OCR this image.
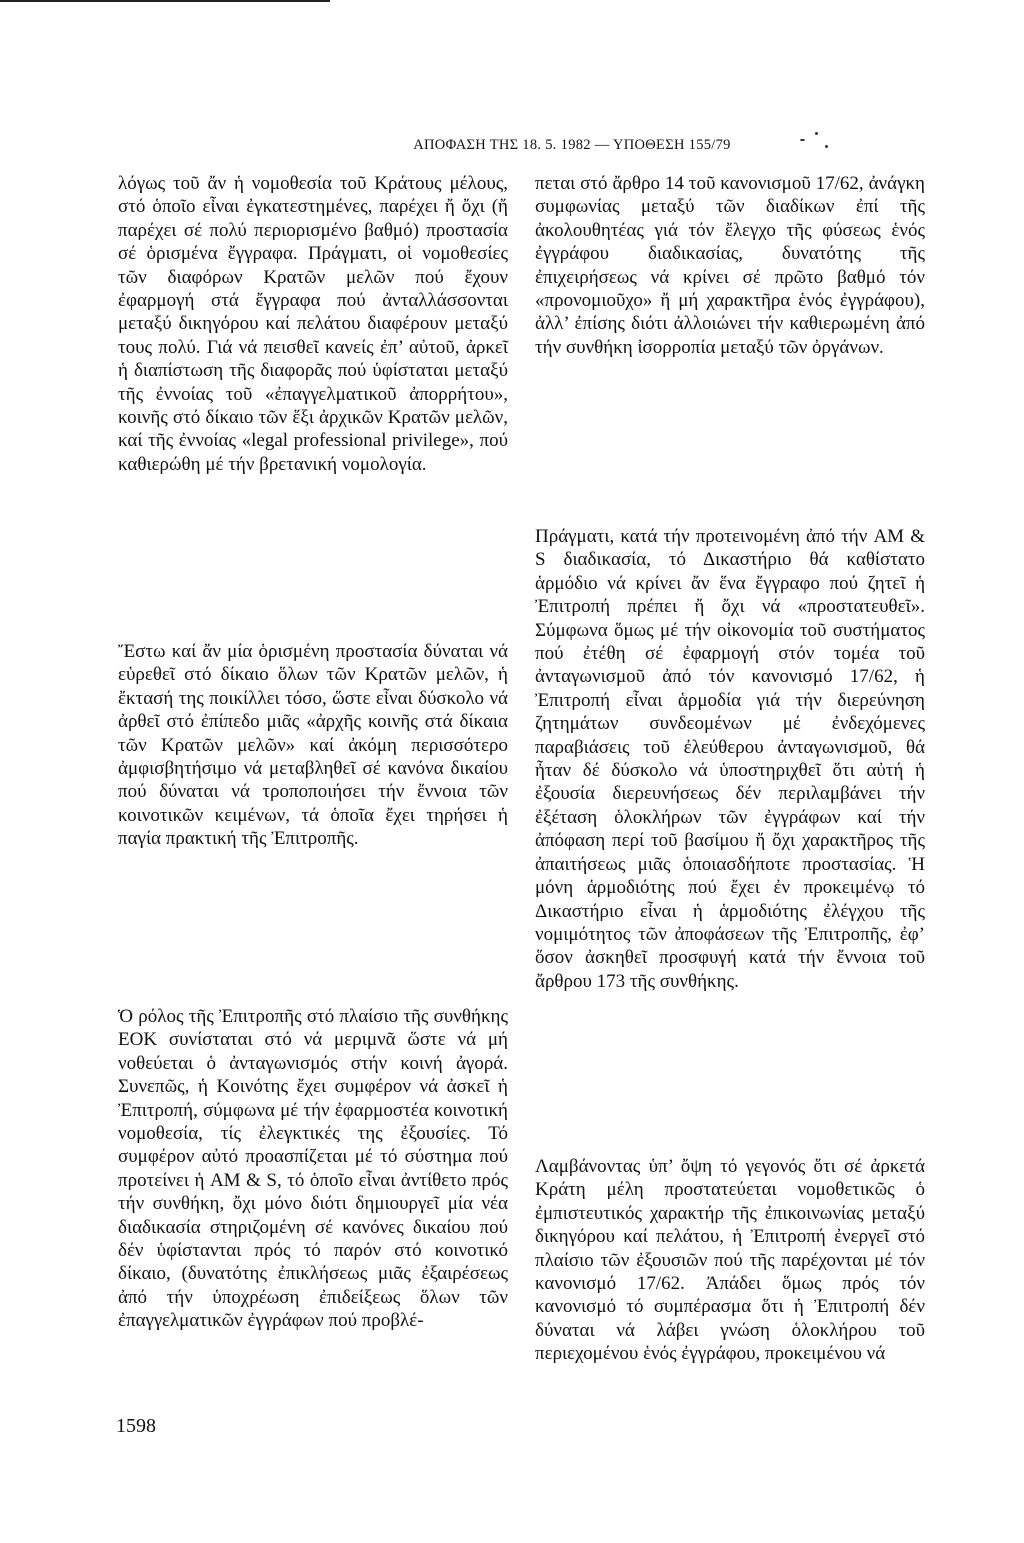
ΑΠΟΦΑΣΗ ΤΗΣ 18. 5. 1982 — ΥΠΟΘΕΣΗ 155/79

λόγως τοῦ ἄν ἡ νομοθεσία τοῦ Κράτους μέλους, στό ὁποῖο εἶναι ἐγκατεστημένες, παρέχει ἤ ὄχι (ἤ παρέχει σέ πολύ περιορισμένο βαθμό) προστασία σέ ὁρισμένα ἔγγραφα. Πράγματι, οἱ νομοθεσίες τῶν διαφόρων Κρατῶν μελῶν πού ἔχουν ἐφαρμογή στά ἔγγραφα πού ἀνταλλάσσονται μεταξύ δικηγόρου καί πελάτου διαφέρουν μεταξύ τους πολύ. Γιά νά πεισθεῖ κανείς ἐπ’ αὐτοῦ, ἀρκεῖ ἡ διαπίστωση τῆς διαφορᾶς πού ὑφίσταται μεταξύ τῆς ἐννοίας τοῦ «ἐπαγγελματικοῦ ἀπορρήτου», κοινῆς στό δίκαιο τῶν ἕξι ἀρχικῶν Κρατῶν μελῶν, καί τῆς ἐννοίας «legal professional privilege», πού καθιερώθη μέ τήν βρετανική νομολογία.

Ἔστω καί ἄν μία ὁρισμένη προστασία δύναται νά εὑρεθεῖ στό δίκαιο ὅλων τῶν Κρατῶν μελῶν, ἡ ἔκτασή της ποικίλλει τόσο, ὥστε εἶναι δύσκολο νά ἀρθεῖ στό ἐπίπεδο μιᾶς «ἀρχῆς κοινῆς στά δίκαια τῶν Κρατῶν μελῶν» καί ἀκόμη περισσότερο ἀμφισβητήσιμο νά μεταβληθεῖ σέ κανόνα δικαίου πού δύναται νά τροποποιήσει τήν ἔννοια τῶν κοινοτικῶν κειμένων, τά ὁποῖα ἔχει τηρήσει ἡ παγία πρακτική τῆς Ἐπιτροπῆς.

Ὁ ρόλος τῆς Ἐπιτροπῆς στό πλαίσιο τῆς συνθήκης ΕΟΚ συνίσταται στό νά μεριμνᾶ ὥστε νά μή νοθεύεται ὁ ἀνταγωνισμός στήν κοινή ἀγορά. Συνεπῶς, ἡ Κοινότης ἔχει συμφέρον νά ἀσκεῖ ἡ Ἐπιτροπή, σύμφωνα μέ τήν ἐφαρμοστέα κοινοτική νομοθεσία, τίς ἐλεγκτικές της ἐξουσίες. Τό συμφέρον αὐτό προασπίζεται μέ τό σύστημα πού προτείνει ἡ AM & S, τό ὁποῖο εἶναι ἀντίθετο πρός τήν συνθήκη, ὄχι μόνο διότι δημιουργεῖ μία νέα διαδικασία στηριζομένη σέ κανόνες δικαίου πού δέν ὑφίστανται πρός τό παρόν στό κοινοτικό δίκαιο, (δυνατότης ἐπικλήσεως μιᾶς ἐξαιρέσεως ἀπό τήν ὑποχρέωση ἐπιδείξεως ὅλων τῶν ἐπαγγελματικῶν ἐγγράφων πού προβλέ-

πεται στό ἄρθρο 14 τοῦ κανονισμοῦ 17/62, ἀνάγκη συμφωνίας μεταξύ τῶν διαδίκων ἐπί τῆς ἀκολουθητέας γιά τόν ἔλεγχο τῆς φύσεως ἑνός ἐγγράφου διαδικασίας, δυνατότης τῆς ἐπιχειρήσεως νά κρίνει σέ πρῶτο βαθμό τόν «προνομιοῦχο» ἤ μή χαρακτῆρα ἑνός ἐγγράφου), ἀλλ’ ἐπίσης διότι ἀλλοιώνει τήν καθιερωμένη ἀπό τήν συνθήκη ἰσορροπία μεταξύ τῶν ὀργάνων.

Πράγματι, κατά τήν προτεινομένη ἀπό τήν AM & S διαδικασία, τό Δικαστήριο θά καθίστατο ἁρμόδιο νά κρίνει ἄν ἕνα ἔγγραφο πού ζητεῖ ἡ Ἐπιτροπή πρέπει ἤ ὄχι νά «προστατευθεῖ». Σύμφωνα ὅμως μέ τήν οἰκονομία τοῦ συστήματος πού ἐτέθη σέ ἐφαρμογή στόν τομέα τοῦ ἀνταγωνισμοῦ ἀπό τόν κανονισμό 17/62, ἡ Ἐπιτροπή εἶναι ἁρμοδία γιά τήν διερεύνηση ζητημάτων συνδεομένων μέ ἐνδεχόμενες παραβιάσεις τοῦ ἐλεύθερου ἀνταγωνισμοῦ, θά ἦταν δέ δύσκολο νά ὑποστηριχθεῖ ὅτι αὐτή ἡ ἐξουσία διερευνήσεως δέν περιλαμβάνει τήν ἐξέταση ὁλοκλήρων τῶν ἐγγράφων καί τήν ἀπόφαση περί τοῦ βασίμου ἤ ὄχι χαρακτῆρος τῆς ἀπαιτήσεως μιᾶς ὁποιασδήποτε προστασίας. Ἡ μόνη ἁρμοδιότης πού ἔχει ἐν προκειμένῳ τό Δικαστήριο εἶναι ἡ ἁρμοδιότης ἐλέγχου τῆς νομιμότητος τῶν ἀποφάσεων τῆς Ἐπιτροπῆς, ἐφ’ ὅσον ἀσκηθεῖ προσφυγή κατά τήν ἔννοια τοῦ ἄρθρου 173 τῆς συνθήκης.

Λαμβάνοντας ὑπ’ ὄψη τό γεγονός ὅτι σέ ἀρκετά Κράτη μέλη προστατεύεται νομοθετικῶς ὁ ἐμπιστευτικός χαρακτήρ τῆς ἐπικοινωνίας μεταξύ δικηγόρου καί πελάτου, ἡ Ἐπιτροπή ἐνεργεῖ στό πλαίσιο τῶν ἐξουσιῶν πού τῆς παρέχονται μέ τόν κανονισμό 17/62. Ἀπάδει ὅμως πρός τόν κανονισμό τό συμπέρασμα ὅτι ἡ Ἐπιτροπή δέν δύναται νά λάβει γνώση ὁλοκλήρου τοῦ περιεχομένου ἑνός ἐγγράφου, προκειμένου νά

1598
